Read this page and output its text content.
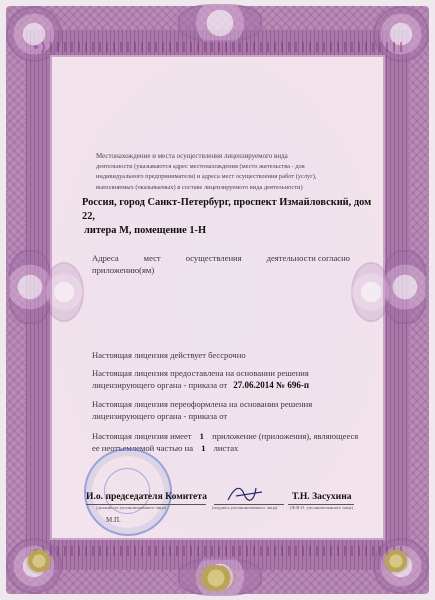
Местонахождение и места осуществления лицензируемого вида
деятельности (указываются адрес местонахождения (место жительства - для
индивидуального предпринимателя) и адреса мест осуществления работ (услуг),
выполняемых (оказываемых) в составе лицензируемого вида деятельности)
Россия, город Санкт-Петербург, проспект Измайловский, дом 22,
литера М, помещение 1-Н
Адреса	мест	осуществления	деятельности согласно
приложению(ям)
Настоящая лицензия действует бессрочно
Настоящая лицензия предоставлена на основании решения
лицензирующего органа - приказа от 27.06.2014 № 696-п
Настоящая лицензия переоформлена на основании решения
лицензирующего органа - приказа от
Настоящая лицензия имеет 1 приложение (приложения), являющееся
ее неотъемлемой частью на 1 листах
И.о. председателя Комитета
(должность уполномоченного лица)	(подпись уполномоченного лица)
Т.Н. Засухина
(Ф.И.О. уполномоченного лица)
М.П.
